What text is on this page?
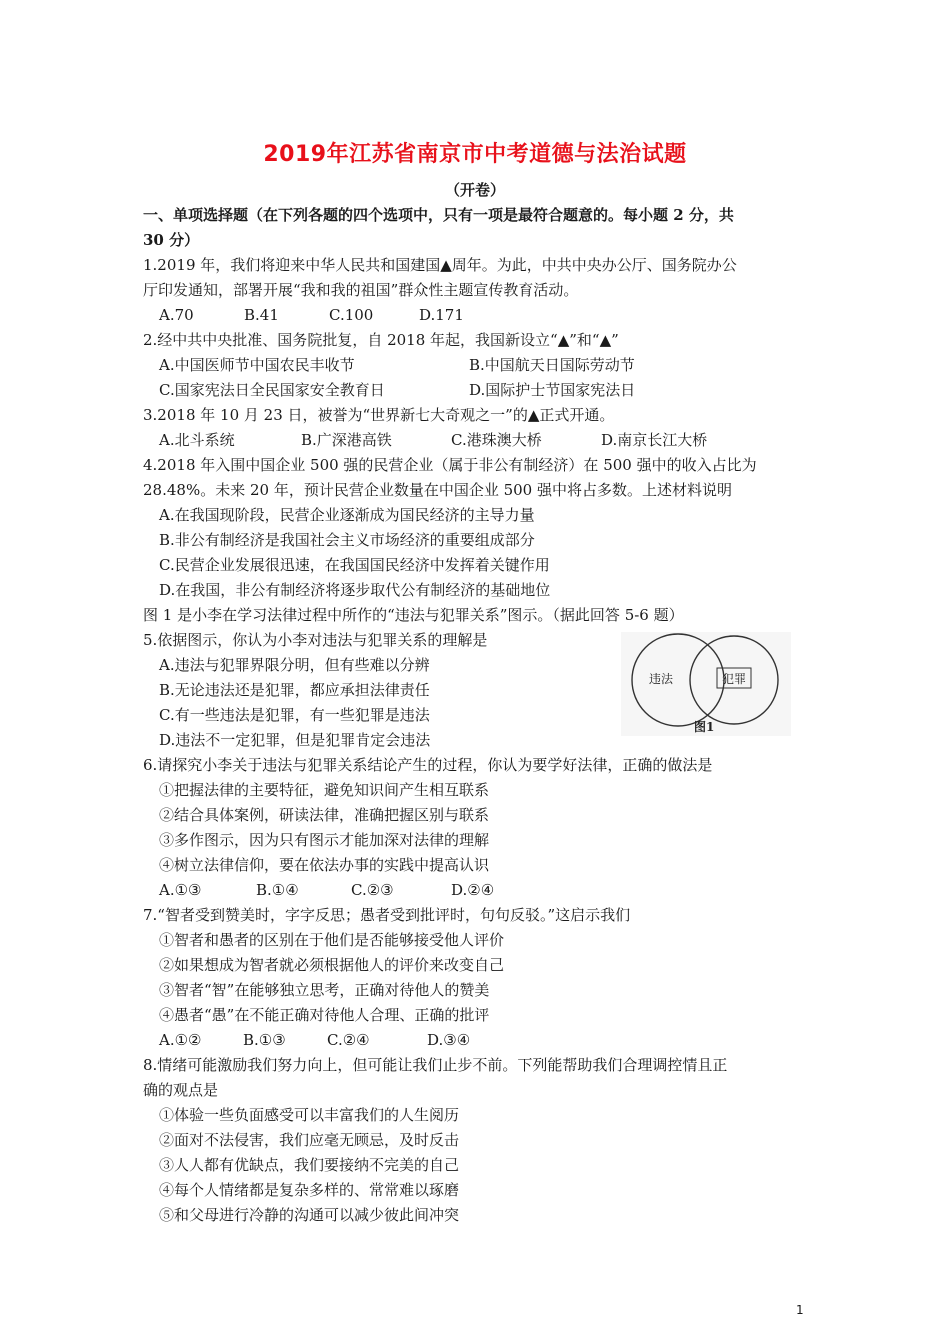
2019年江苏省南京市中考道德与法治试题
（开卷）
一、单项选择题（在下列各题的四个选项中，只有一项是最符合题意的。每小题 2 分，共
30 分）
1.2019 年，我们将迎来中华人民共和国建国▲周年。为此，中共中央办公厅、国务院办公
厅印发通知，部署开展“我和我的祖国”群众性主题宣传教育活动。
A.70	B.41	C.100	D.171
2.经中共中央批准、国务院批复，自 2018 年起，我国新设立“▲”和“▲”
A.中国医师节中国农民丰收节	B.中国航天日国际劳动节
C.国家宪法日全民国家安全教育日	D.国际护士节国家宪法日
3.2018 年 10 月 23 日，被誉为“世界新七大奇观之一”的▲正式开通。
A.北斗系统	B.广深港高铁	C.港珠澳大桥	D.南京长江大桥
4.2018 年入围中国企业 500 强的民营企业（属于非公有制经济）在 500 强中的收入占比为
28.48%。未来 20 年，预计民营企业数量在中国企业 500 强中将占多数。上述材料说明
A.在我国现阶段，民营企业逐渐成为国民经济的主导力量
B.非公有制经济是我国社会主义市场经济的重要组成部分
C.民营企业发展很迅速，在我国国民经济中发挥着关键作用
D.在我国，非公有制经济将逐步取代公有制经济的基础地位
图 1 是小李在学习法律过程中所作的“违法与犯罪关系”图示。（据此回答 5-6 题）
5.依据图示，你认为小李对违法与犯罪关系的理解是
A.违法与犯罪界限分明，但有些难以分辨
B.无论违法还是犯罪，都应承担法律责任
C.有一些违法是犯罪，有一些犯罪是违法
D.违法不一定犯罪，但是犯罪肯定会违法
6.请探究小李关于违法与犯罪关系结论产生的过程，你认为要学好法律，正确的做法是
①把握法律的主要特征，避免知识间产生相互联系
②结合具体案例，研读法律，准确把握区别与联系
③多作图示，因为只有图示才能加深对法律的理解
④树立法律信仰，要在依法办事的实践中提高认识
A.①③	B.①④	C.②③	D.②④
7.“智者受到赞美时，字字反思；愚者受到批评时，句句反驳。”这启示我们
①智者和愚者的区别在于他们是否能够接受他人评价
②如果想成为智者就必须根据他人的评价来改变自己
③智者“智”在能够独立思考，正确对待他人的赞美
④愚者“愚”在不能正确对待他人合理、正确的批评
A.①②	B.①③	C.②④	D.③④
8.情绪可能激励我们努力向上，但可能让我们止步不前。下列能帮助我们合理调控情且正
确的观点是
①体验一些负面感受可以丰富我们的人生阅历
②面对不法侵害，我们应毫无顾忌，及时反击
③人人都有优缺点，我们要接纳不完美的自己
④每个人情绪都是复杂多样的、常常难以琢磨
⑤和父母进行冷静的沟通可以减少彼此间冲突
违法	犯罪
图1
1
